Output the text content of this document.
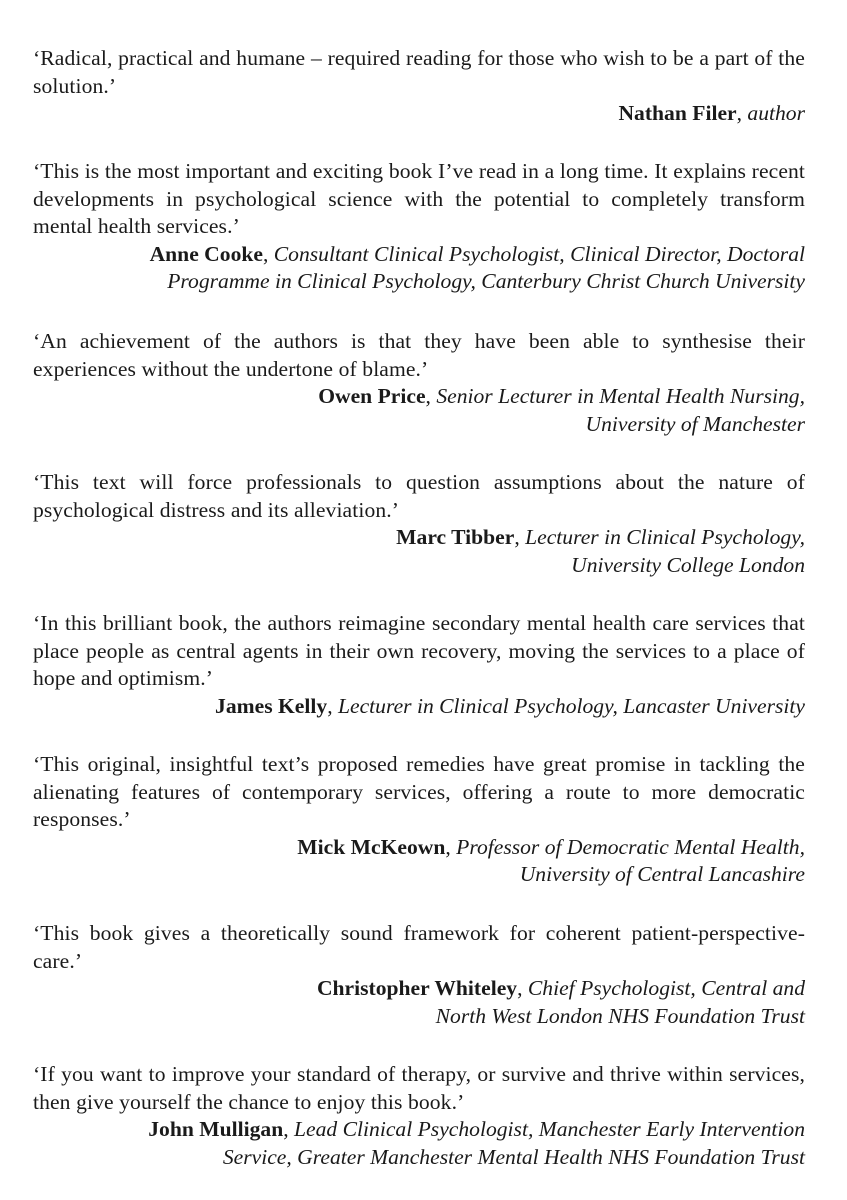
‘Radical, practical and humane – required reading for those who wish to be a part of the solution.’

Nathan Filer, author

‘This is the most important and exciting book I’ve read in a long time. It explains recent developments in psychological science with the potential to completely transform mental health services.’

Anne Cooke, Consultant Clinical Psychologist, Clinical Director, Doctoral
Programme in Clinical Psychology, Canterbury Christ Church University

‘An achievement of the authors is that they have been able to synthesise their experiences without the undertone of blame.’

Owen Price, Senior Lecturer in Mental Health Nursing,
University of Manchester

‘This text will force professionals to question assumptions about the nature of psychological distress and its alleviation.’

Marc Tibber, Lecturer in Clinical Psychology,
University College London

‘In this brilliant book, the authors reimagine secondary mental health care services that place people as central agents in their own recovery, moving the services to a place of hope and optimism.’

James Kelly, Lecturer in Clinical Psychology, Lancaster University

‘This original, insightful text’s proposed remedies have great promise in tackling the alienating features of contemporary services, offering a route to more democratic responses.’

Mick McKeown, Professor of Democratic Mental Health,
University of Central Lancashire

‘This book gives a theoretically sound framework for coherent patient-perspective-care.’

Christopher Whiteley, Chief Psychologist, Central and
North West London NHS Foundation Trust

‘If you want to improve your standard of therapy, or survive and thrive within services, then give yourself the chance to enjoy this book.’

John Mulligan, Lead Clinical Psychologist, Manchester Early Intervention
Service, Greater Manchester Mental Health NHS Foundation Trust
